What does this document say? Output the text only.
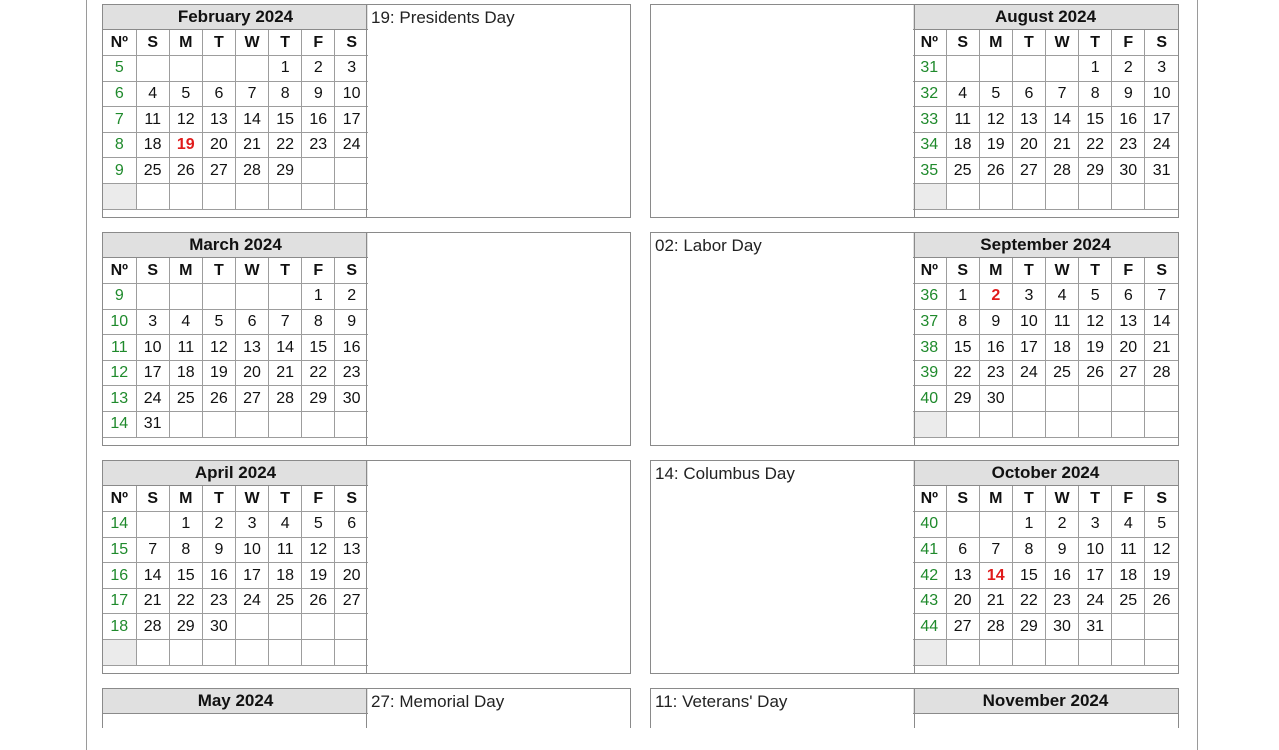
February 2024
Nº	S	M	T	W	T	F	S
5					1	2	3
6	4	5	6	7	8	9	10
7	11	12	13	14	15	16	17
8	18	19	20	21	22	23	24
9	25	26	27	28	29		

19: Presidents Day	August 2024
Nº	S	M	T	W	T	F	S
31					1	2	3
32	4	5	6	7	8	9	10
33	11	12	13	14	15	16	17
34	18	19	20	21	22	23	24
35	25	26	27	28	29	30	31

March 2024
Nº	S	M	T	W	T	F	S
9						1	2
10	3	4	5	6	7	8	9
11	10	11	12	13	14	15	16
12	17	18	19	20	21	22	23
13	24	25	26	27	28	29	30
14	31						
September 2024
Nº	S	M	T	W	T	F	S
36	1	2	3	4	5	6	7
37	8	9	10	11	12	13	14
38	15	16	17	18	19	20	21
39	22	23	24	25	26	27	28
40	29	30					

02: Labor Day
April 2024
Nº	S	M	T	W	T	F	S
14		1	2	3	4	5	6
15	7	8	9	10	11	12	13
16	14	15	16	17	18	19	20
17	21	22	23	24	25	26	27
18	28	29	30				

October 2024
Nº	S	M	T	W	T	F	S
40			1	2	3	4	5
41	6	7	8	9	10	11	12
42	13	14	15	16	17	18	19
43	20	21	22	23	24	25	26
44	27	28	29	30	31		

14: Columbus Day
May 2024	27: Memorial Day	November 2024
11: Veterans' Day
